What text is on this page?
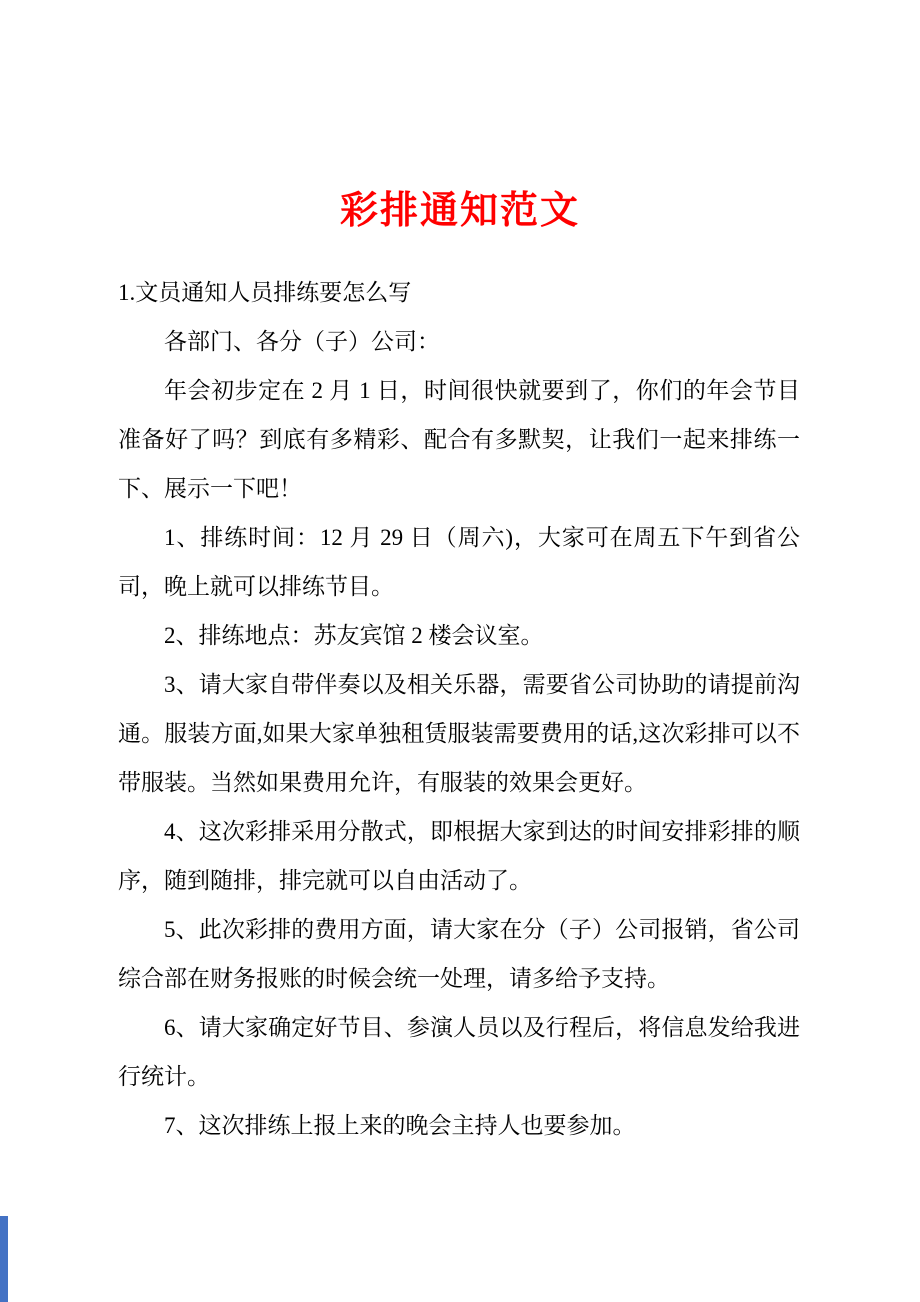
彩排通知范文

1.文员通知人员排练要怎么写

各部门、各分（子）公司：

年会初步定在 2 月 1 日，时间很快就要到了，你们的年会节目准备好了吗？到底有多精彩、配合有多默契，让我们一起来排练一下、展示一下吧！

1、排练时间：12 月 29 日（周六)，大家可在周五下午到省公司，晚上就可以排练节目。

2、排练地点：苏友宾馆 2 楼会议室。

3、请大家自带伴奏以及相关乐器，需要省公司协助的请提前沟通。服装方面,如果大家单独租赁服装需要费用的话,这次彩排可以不带服装。当然如果费用允许，有服装的效果会更好。

4、这次彩排采用分散式，即根据大家到达的时间安排彩排的顺序，随到随排，排完就可以自由活动了。

5、此次彩排的费用方面，请大家在分（子）公司报销，省公司综合部在财务报账的时候会统一处理，请多给予支持。

6、请大家确定好节目、参演人员以及行程后，将信息发给我进行统计。

7、这次排练上报上来的晚会主持人也要参加。
